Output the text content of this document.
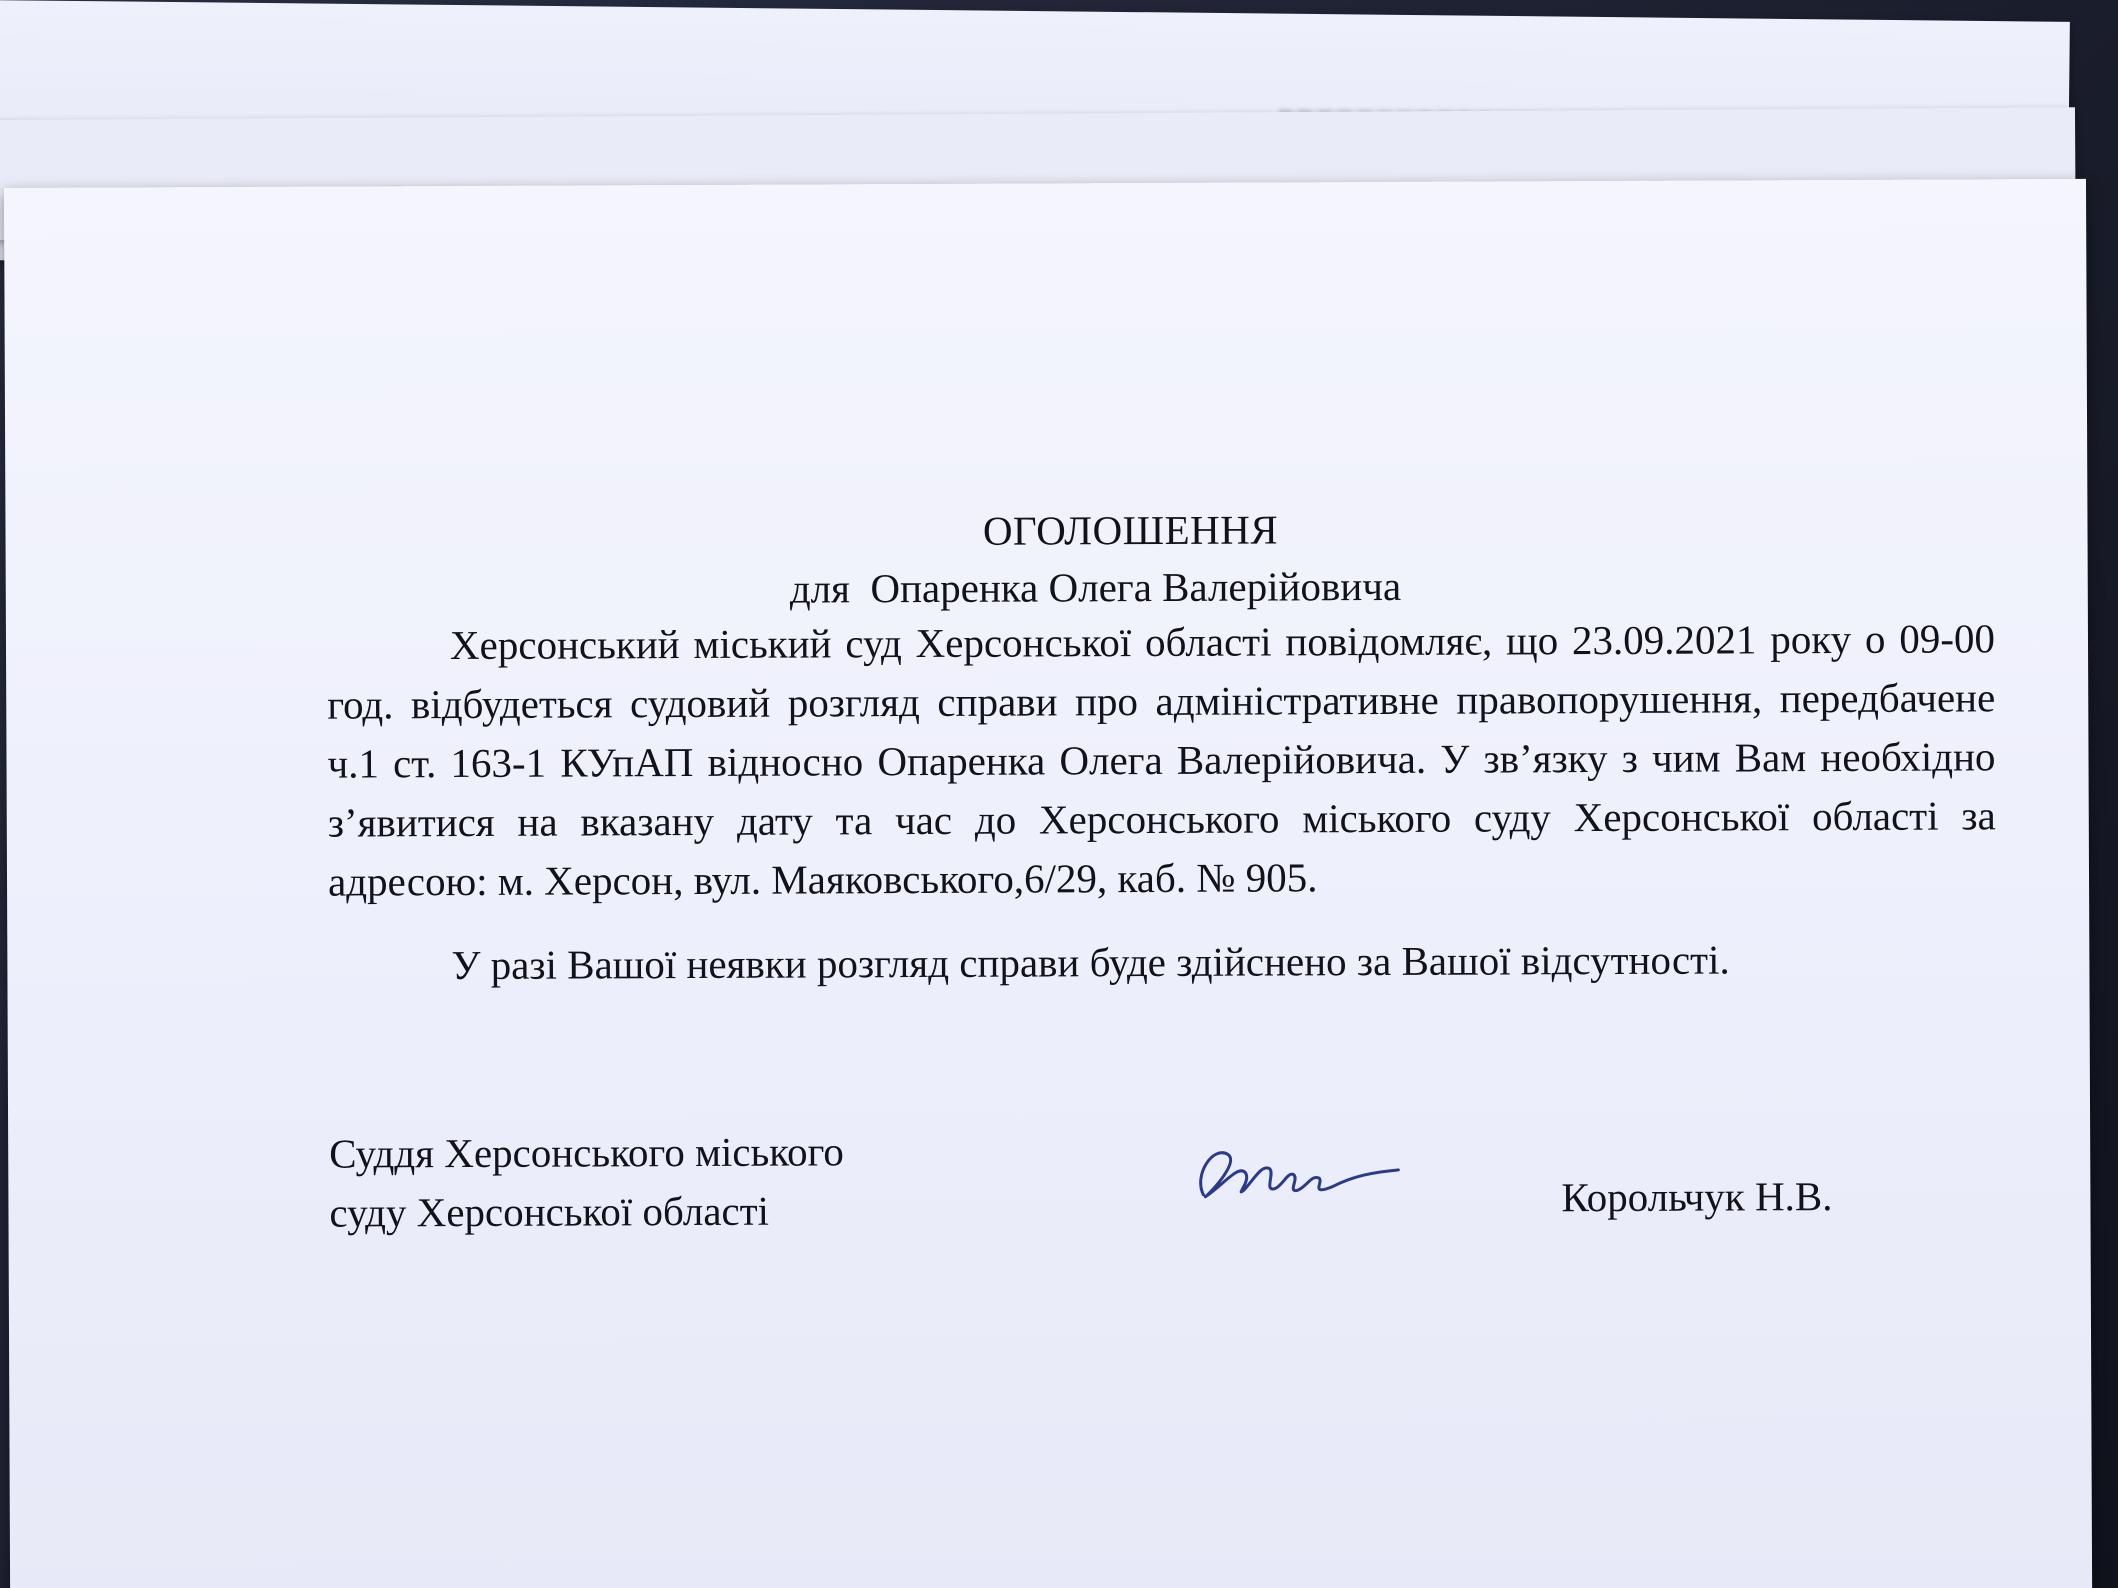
ОГОЛОШЕННЯ
для  Опаренка Олега Валерійовича
Херсонський міський суд Херсонської області повідомляє, що 23.09.2021 року о 09-00 год. відбудеться судовий розгляд справи про адміністративне правопорушення, передбачене ч.1 ст. 163-1 КУпАП відносно Опаренка Олега Валерійовича. У зв’язку з чим Вам необхідно з’явитися на вказану дату та час до Херсонського міського суду Херсонської області за адресою: м. Херсон, вул. Маяковського,6/29, каб. № 905.
У разі Вашої неявки розгляд справи буде здійснено за Вашої відсутності.
Суддя Херсонського міського
суду Херсонської області	Корольчук Н.В.
